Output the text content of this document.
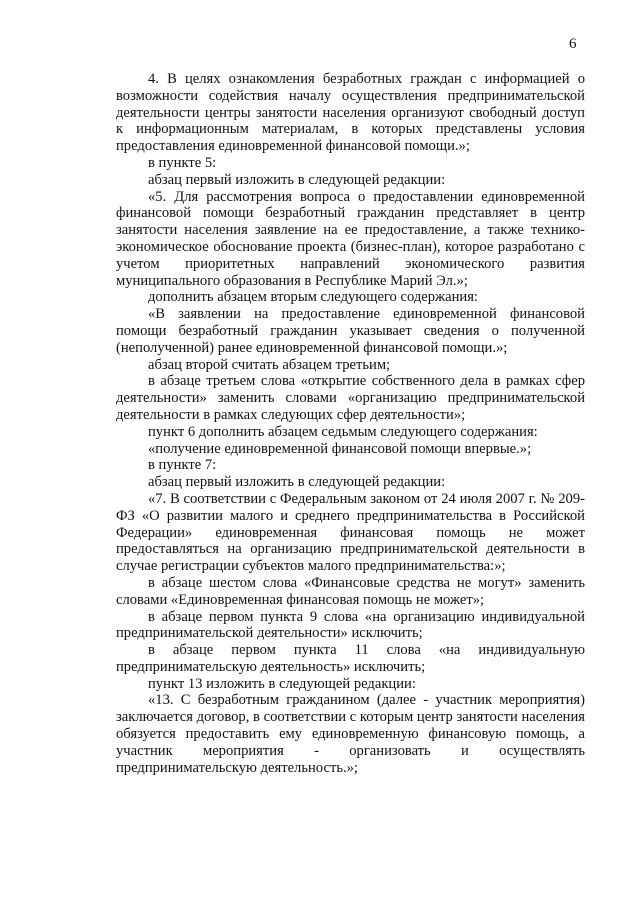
6

4. В целях ознакомления безработных граждан с информацией о возможности содействия началу осуществления предпринимательской деятельности центры занятости населения организуют свободный доступ к информационным материалам, в которых представлены условия предоставления единовременной финансовой помощи.»;

в пункте 5:

абзац первый изложить в следующей редакции:

«5. Для рассмотрения вопроса о предоставлении единовременной финансовой помощи безработный гражданин представляет в центр занятости населения заявление на ее предоставление, а также технико-экономическое обоснование проекта (бизнес-план), которое разработано с учетом приоритетных направлений экономического развития муниципального образования в Республике Марий Эл.»;

дополнить абзацем вторым следующего содержания:

«В заявлении на предоставление единовременной финансовой помощи безработный гражданин указывает сведения о полученной (неполученной) ранее единовременной финансовой помощи.»;

абзац второй считать абзацем третьим;

в абзаце третьем слова «открытие собственного дела в рамках сфер деятельности» заменить словами «организацию предпринимательской деятельности в рамках следующих сфер деятельности»;

пункт 6 дополнить абзацем седьмым следующего содержания:

«получение единовременной финансовой помощи впервые.»;

в пункте 7:

абзац первый изложить в следующей редакции:

«7. В соответствии с Федеральным законом от 24 июля 2007 г. № 209-ФЗ «О развитии малого и среднего предпринимательства в Российской Федерации» единовременная финансовая помощь не может предоставляться на организацию предпринимательской деятельности в случае регистрации субъектов малого предпринимательства:»;

в абзаце шестом слова «Финансовые средства не могут» заменить словами «Единовременная финансовая помощь не может»;

в абзаце первом пункта 9 слова «на организацию индивидуальной предпринимательской деятельности» исключить;

в абзаце первом пункта 11 слова «на индивидуальную предпринимательскую деятельность» исключить;

пункт 13 изложить в следующей редакции:

«13. С безработным гражданином (далее - участник мероприятия) заключается договор, в соответствии с которым центр занятости населения обязуется предоставить ему единовременную финансовую помощь, а участник мероприятия - организовать и осуществлять предпринимательскую деятельность.»;
